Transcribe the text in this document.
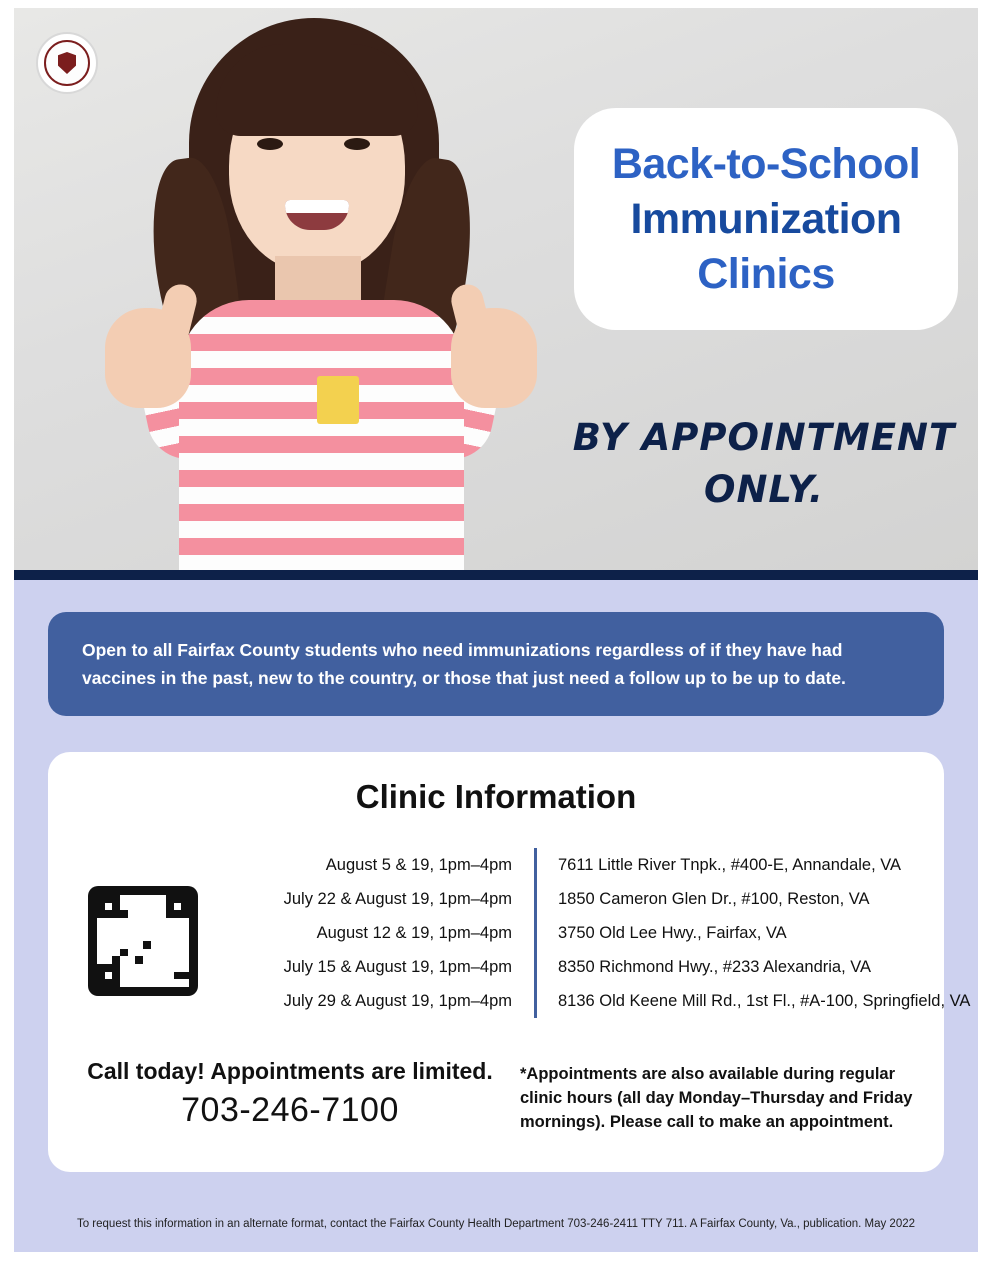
Back-to-School
Immunization
Clinics
BY APPOINTMENT ONLY.
Open to all Fairfax County students who need immunizations regardless of if they have had vaccines in the past, new to the country, or those that just need a follow up to be up to date.
Clinic Information
August 5 & 19, 1pm–4pm	7611 Little River Tnpk., #400-E, Annandale, VA
July 22 & August 19, 1pm–4pm	1850 Cameron Glen Dr., #100, Reston, VA
August 12 & 19, 1pm–4pm	3750 Old Lee Hwy., Fairfax, VA
July 15 & August 19, 1pm–4pm	8350 Richmond Hwy., #233 Alexandria, VA
July 29 & August 19, 1pm–4pm	8136 Old Keene Mill Rd., 1st Fl., #A-100, Springfield, VA
Call today! Appointments are limited.
703-246-7100
*Appointments are also available during regular clinic hours (all day Monday–Thursday and Friday mornings). Please call to make an appointment.
To request this information in an alternate format, contact the Fairfax County Health Department 703-246-2411 TTY 711. A Fairfax County, Va., publication. May 2022
